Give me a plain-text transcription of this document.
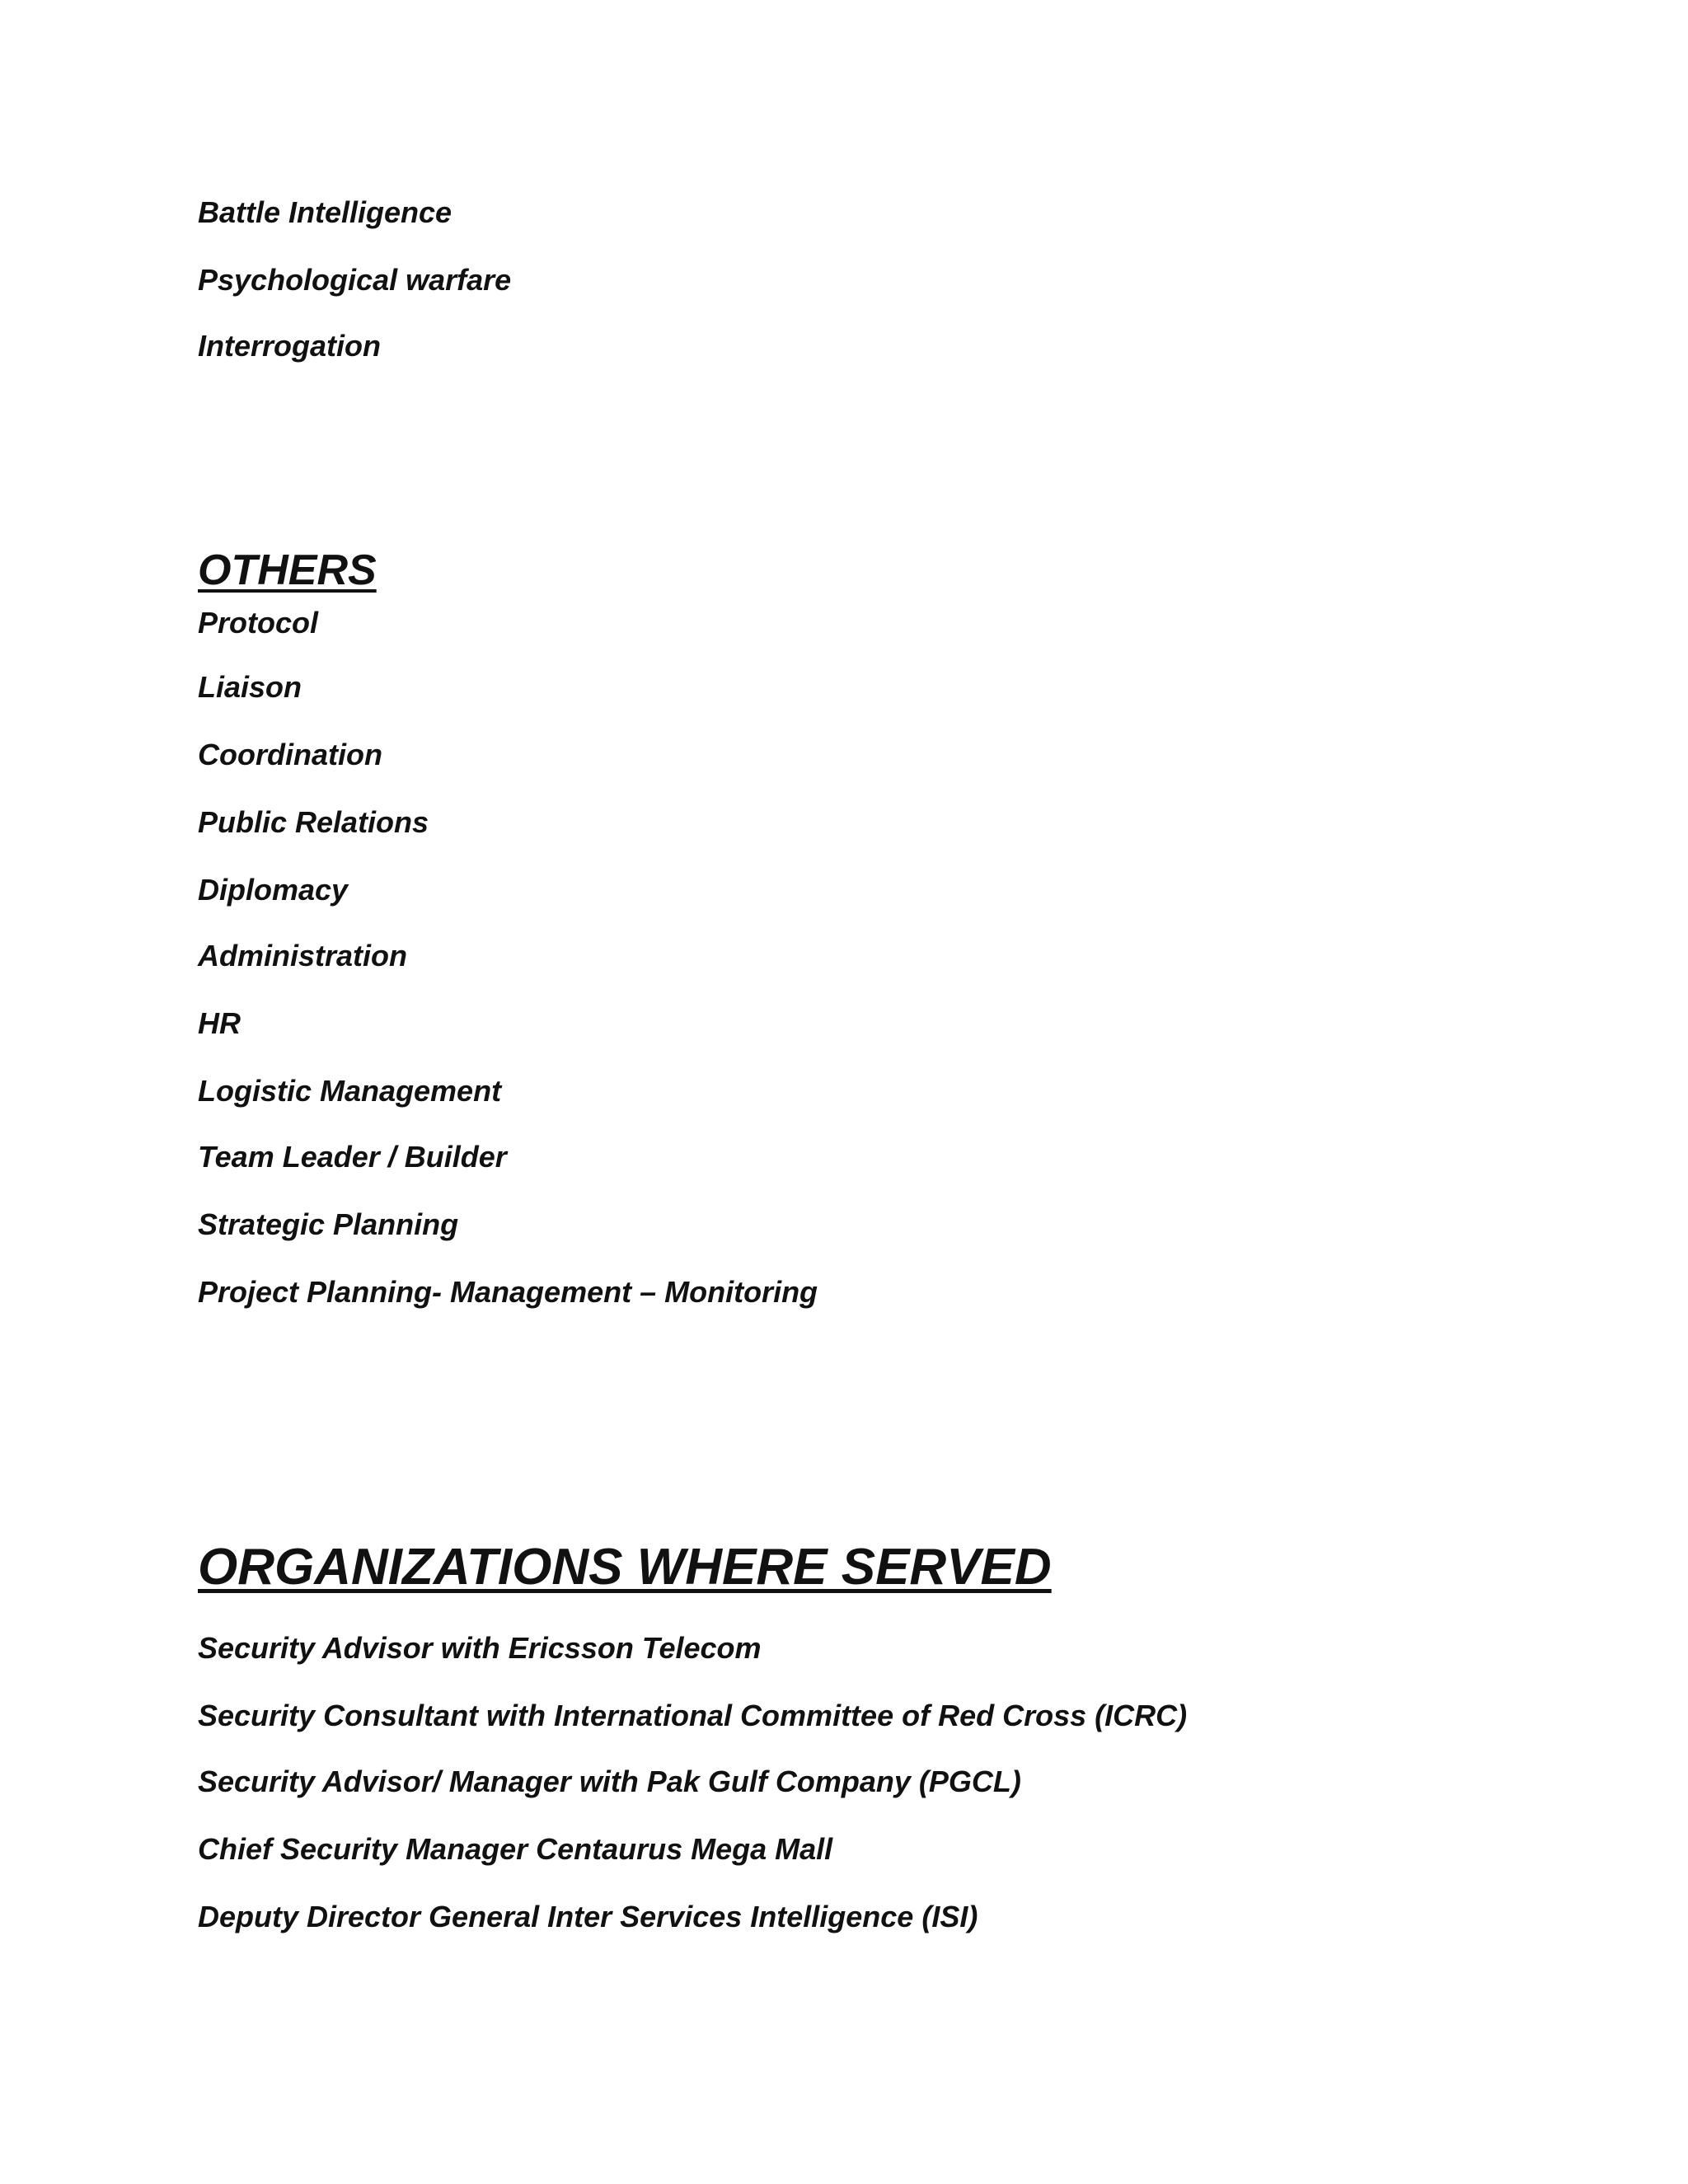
Battle Intelligence

Psychological warfare

Interrogation

OTHERS

Protocol

Liaison

Coordination

Public Relations

Diplomacy

Administration

HR

Logistic Management

Team Leader / Builder

Strategic Planning

Project Planning- Management – Monitoring

ORGANIZATIONS WHERE SERVED

Security Advisor with Ericsson Telecom

Security Consultant with International Committee of Red Cross (ICRC)

Security Advisor/ Manager with Pak Gulf Company (PGCL)

Chief Security Manager Centaurus Mega Mall

Deputy Director General Inter Services Intelligence (ISI)
